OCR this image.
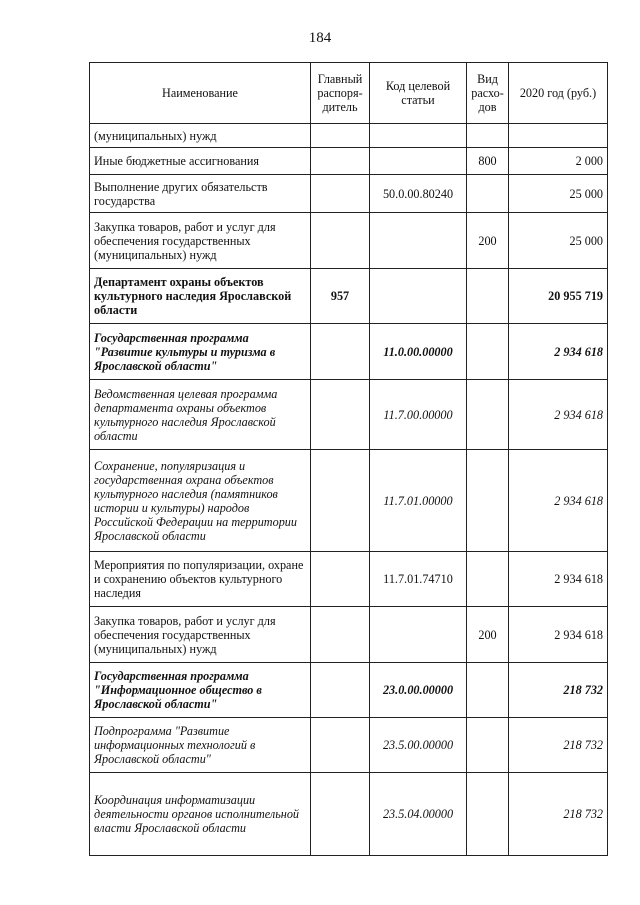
184
Наименование	Главный распоря-дитель	Код целевой статьи	Вид расхо-дов	2020 год (руб.)
(муниципальных) нужд				
Иные бюджетные ассигнования			800	2 000
Выполнение других обязательств государства		50.0.00.80240		25 000
Закупка товаров, работ и услуг для обеспечения государственных (муниципальных) нужд			200	25 000
Департамент охраны объектов культурного наследия Ярославской области	957			20 955 719
Государственная программа "Развитие культуры и туризма в Ярославской области"		11.0.00.00000		2 934 618
Ведомственная целевая программа департамента охраны объектов культурного наследия Ярославской области		11.7.00.00000		2 934 618
Сохранение, популяризация и государственная охрана объектов культурного наследия (памятников истории и культуры) народов Российской Федерации на территории Ярославской области		11.7.01.00000		2 934 618
Мероприятия по популяризации, охране и сохранению объектов культурного наследия		11.7.01.74710		2 934 618
Закупка товаров, работ и услуг для обеспечения государственных (муниципальных) нужд			200	2 934 618
Государственная программа "Информационное общество в Ярославской области"		23.0.00.00000		218 732
Подпрограмма "Развитие информационных технологий в Ярославской области"		23.5.00.00000		218 732
Координация информатизации деятельности органов исполнительной власти Ярославской области		23.5.04.00000		218 732
